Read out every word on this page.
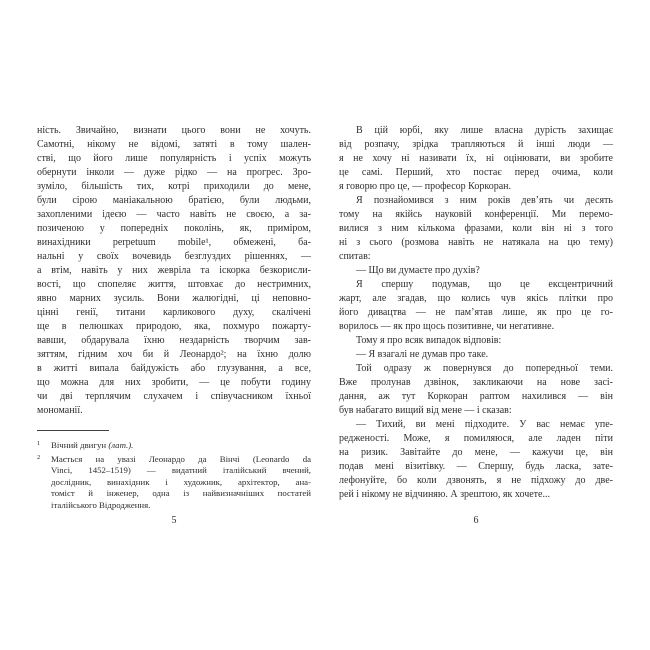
ність. Звичайно, визнати цього вони не хочуть.
Самотні, нікому не відомі, затяті в тому шален-
стві, що його лише популярність і успіх можуть
обернути інколи — дуже рідко — на прогрес. Зро-
зуміло, більшість тих, котрі приходили до мене,
були сірою маніакальною братією, були людьми,
захопленими ідеєю — часто навіть не своєю, а за-
позиченою у попередніх поколінь, як, приміром,
винахідники perpetuum mobile¹, обмежені, ба-
нальні у своїх вочевидь безглуздих рішеннях, —
а втім, навіть у них жевріла та іскорка безкорисли-
вості, що спопеляє життя, штовхає до нестримних,
явно марних зусиль. Вони жалюгідні, ці неповно-
цінні генії, титани карликового духу, скалічені
ще в пелюшках природою, яка, похмуро пожарту-
вавши, обдарувала їхню нездарність творчим зав-
зяттям, гідним хоч би й Леонардо²; на їхню долю
в житті випала байдужість або глузування, а все,
що можна для них зробити, — це побути годину
чи дві терплячим слухачем і співучасником їхньої
мономанії.
1 Вічний двигун (лат.).
2 Мається на увазі Леонардо да Вінчі (Leonardo da
Vinci, 1452–1519) — видатний італійський вчений,
дослідник, винахідник і художник, архітектор, ана-
томіст й інженер, одна із найвизначніших постатей
італійського Відродження.
5
В цій юрбі, яку лише власна дурість захищає
від розпачу, зрідка трапляються й інші люди —
я не хочу ні називати їх, ні оцінювати, ви зробите
це самі. Перший, хто постає перед очима, коли
я говорю про це, — професор Коркоран.
Я познайомився з ним років дев’ять чи десять
тому на якійсь науковій конференції. Ми перемо-
вилися з ним кількома фразами, коли він ні з того
ні з сього (розмова навіть не натякала на цю тему)
спитав:
— Що ви думаєте про духів?
Я спершу подумав, що це ексцентричний
жарт, але згадав, що колись чув якісь плітки про
його дивацтва — не пам’ятав лише, як про це го-
ворилось — як про щось позитивне, чи негативне.
Тому я про всяк випадок відповів:
— Я взагалі не думав про таке.
Той одразу ж повернувся до попередньої теми.
Вже пролунав дзвінок, закликаючи на нове засі-
дання, аж тут Коркоран раптом нахилився — він
був набагато вищий від мене — і сказав:
— Тихий, ви мені підходите. У вас немає упе-
редженості. Може, я помиляюся, але ладен піти
на ризик. Завітайте до мене, — кажучи це, він
подав мені візитівку. — Спершу, будь ласка, зате-
лефонуйте, бо коли дзвонять, я не підхожу до две-
рей і нікому не відчиняю. А зрештою, як хочете...
6
